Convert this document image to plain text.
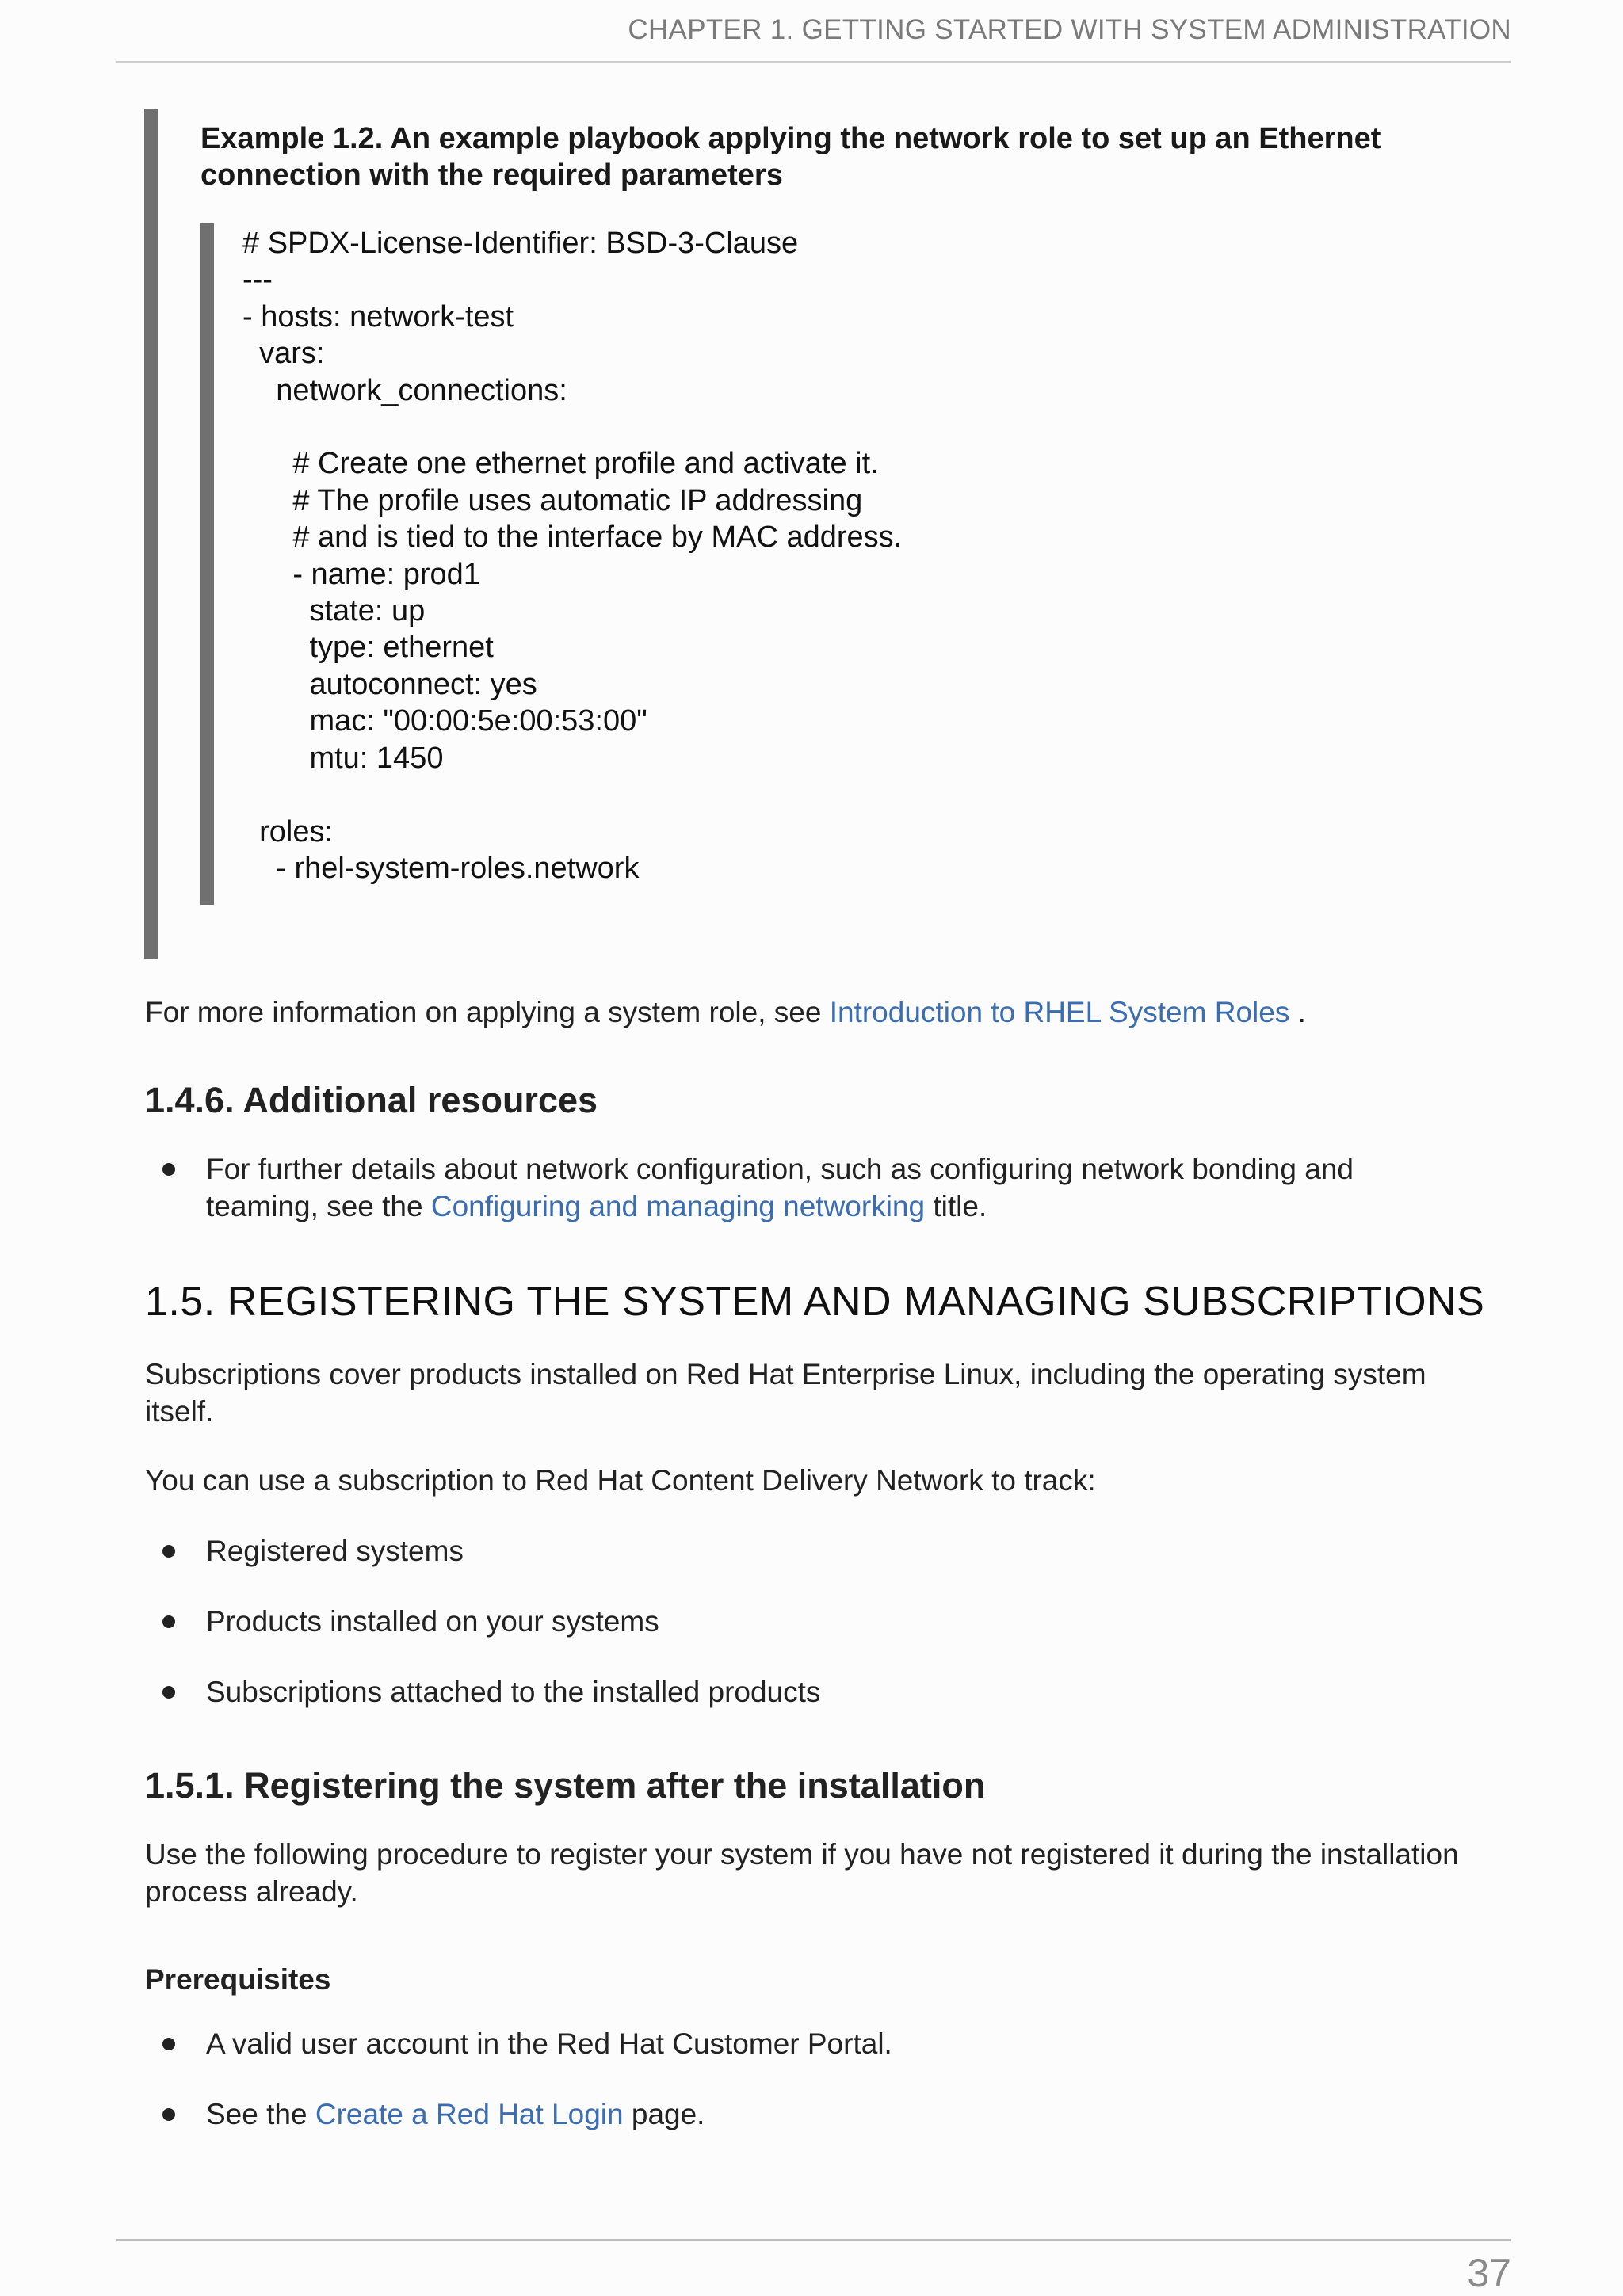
CHAPTER 1. GETTING STARTED WITH SYSTEM ADMINISTRATION
Example 1.2. An example playbook applying the network role to set up an Ethernet connection with the required parameters
# SPDX-License-Identifier: BSD-3-Clause
---
- hosts: network-test
vars:
network_connections:

# Create one ethernet profile and activate it.
# The profile uses automatic IP addressing
# and is tied to the interface by MAC address.
- name: prod1
state: up
type: ethernet
autoconnect: yes
mac: "00:00:5e:00:53:00"
mtu: 1450

roles:
- rhel-system-roles.network
For more information on applying a system role, see Introduction to RHEL System Roles .
1.4.6. Additional resources
For further details about network configuration, such as configuring network bonding and teaming, see the Configuring and managing networking title.
1.5. REGISTERING THE SYSTEM AND MANAGING SUBSCRIPTIONS
Subscriptions cover products installed on Red Hat Enterprise Linux, including the operating system itself.
You can use a subscription to Red Hat Content Delivery Network to track:
Registered systems
Products installed on your systems
Subscriptions attached to the installed products
1.5.1. Registering the system after the installation
Use the following procedure to register your system if you have not registered it during the installation process already.
Prerequisites
A valid user account in the Red Hat Customer Portal.
See the Create a Red Hat Login page.
37
